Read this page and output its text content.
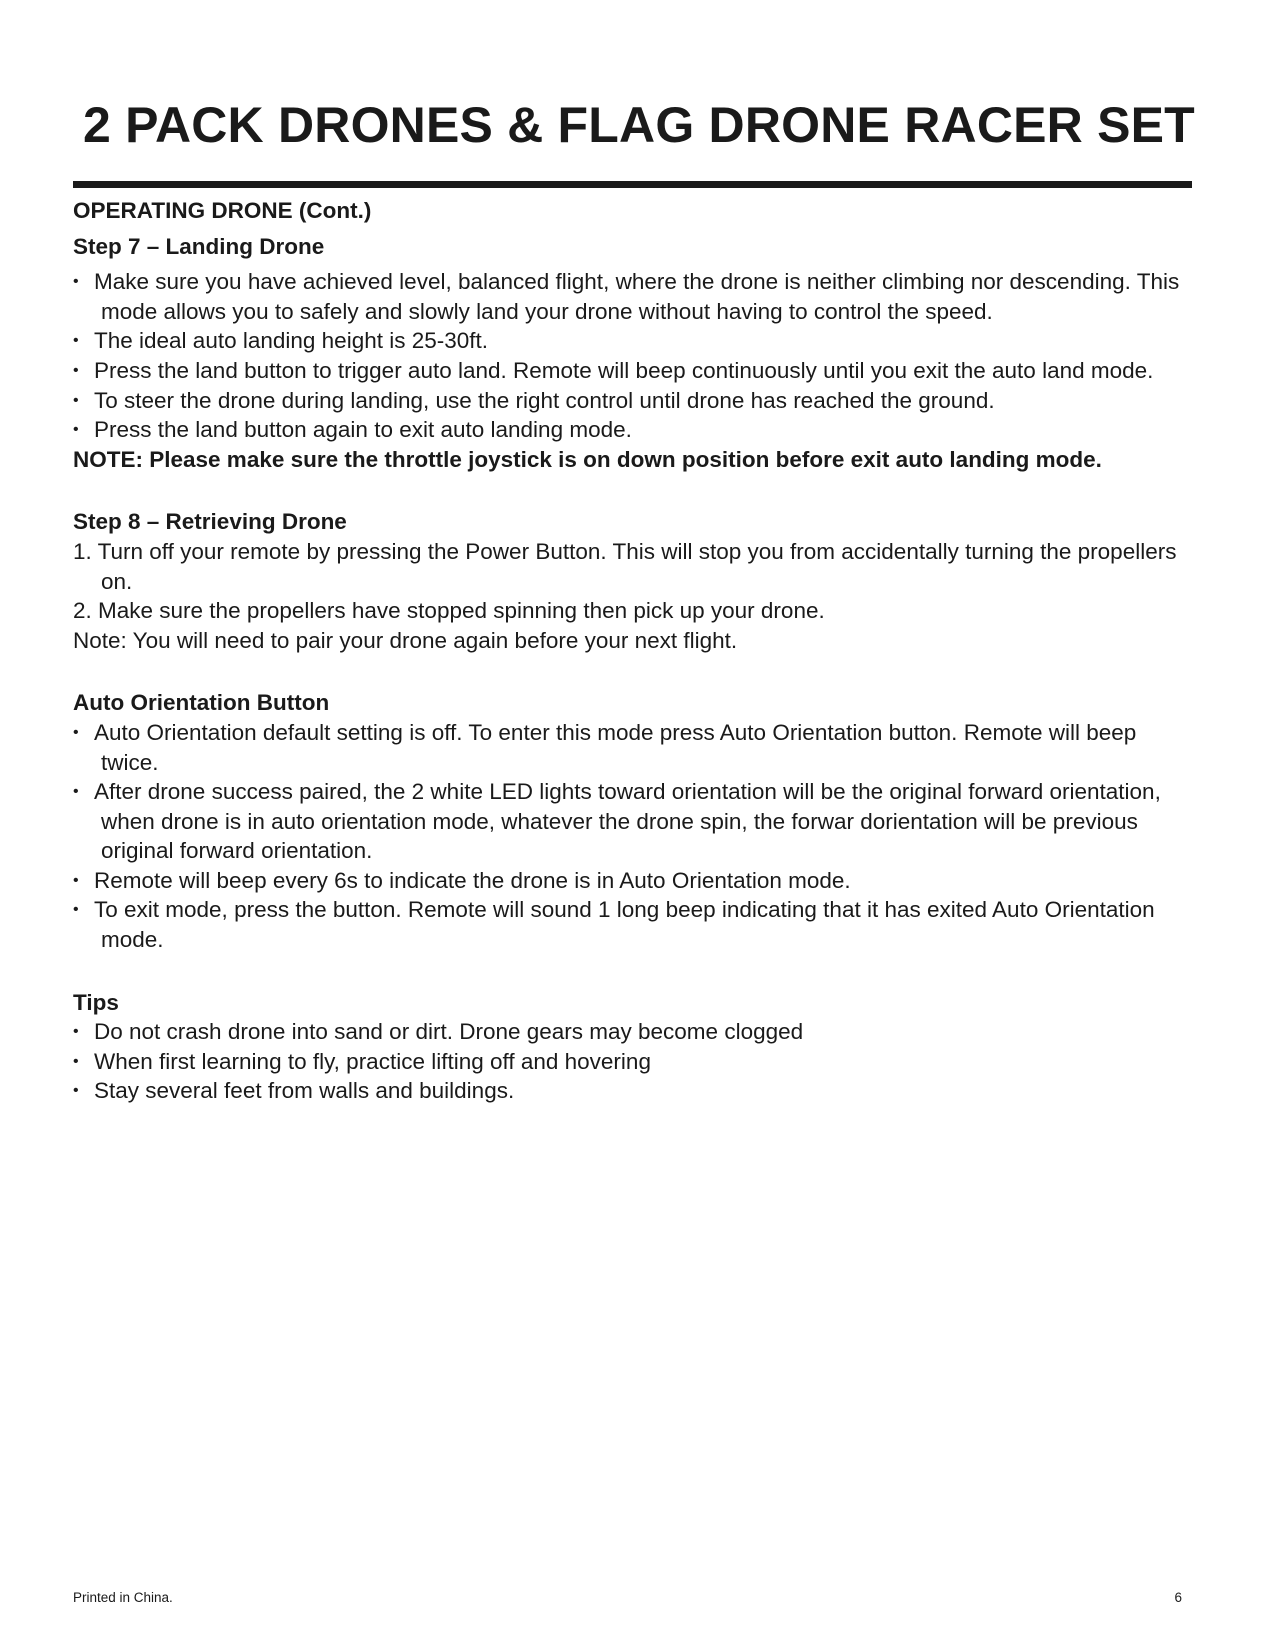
2 PACK DRONES & FLAG DRONE RACER SET

OPERATING DRONE (Cont.)

Step 7 – Landing Drone

• Make sure you have achieved level, balanced flight, where the drone is neither climbing nor descending. This mode allows you to safely and slowly land your drone without having to control the speed.
• The ideal auto landing height is 25-30ft.
• Press the land button to trigger auto land. Remote will beep continuously until you exit the auto land mode.
• To steer the drone during landing, use the right control until drone has reached the ground.
• Press the land button again to exit auto landing mode.

NOTE: Please make sure the throttle joystick is on down position before exit auto landing mode.

Step 8 – Retrieving Drone

1. Turn off your remote by pressing the Power Button. This will stop you from accidentally turning the propellers on.
2. Make sure the propellers have stopped spinning then pick up your drone.

Note: You will need to pair your drone again before your next flight.

Auto Orientation Button

• Auto Orientation default setting is off. To enter this mode press Auto Orientation button. Remote will beep twice.
• After drone success paired, the 2 white LED lights toward orientation will be the original forward orientation, when drone is in auto orientation mode, whatever the drone spin, the forwar dorientation will be previous original forward orientation.
• Remote will beep every 6s to indicate the drone is in Auto Orientation mode.
• To exit mode, press the button. Remote will sound 1 long beep indicating that it has exited Auto Orientation mode.

Tips

• Do not crash drone into sand or dirt. Drone gears may become clogged
• When first learning to fly, practice lifting off and hovering
• Stay several feet from walls and buildings.
Printed in China.	6
